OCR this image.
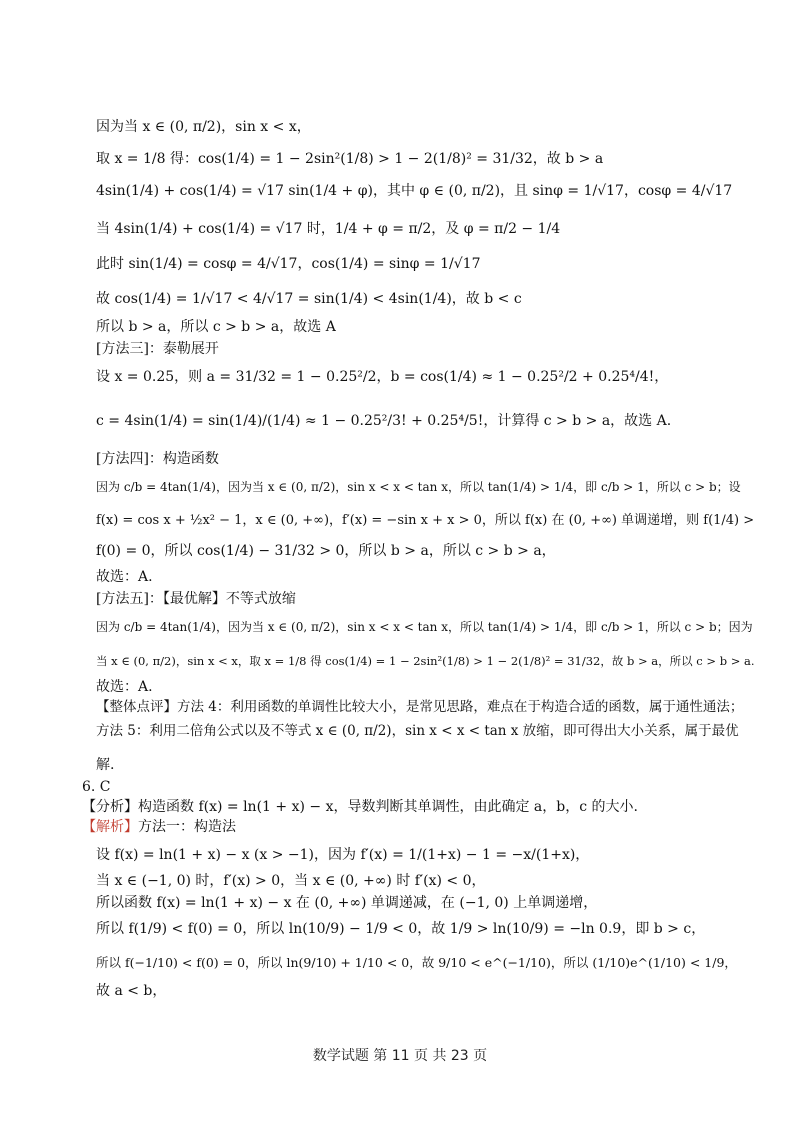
因为当 x ∈ (0, π/2)，sin x < x，
取 x = 1/8 得：cos(1/4) = 1 − 2sin²(1/8) > 1 − 2(1/8)² = 31/32，故 b > a
4sin(1/4) + cos(1/4) = √17 sin(1/4 + φ)，其中 φ ∈ (0, π/2)，且 sinφ = 1/√17，cosφ = 4/√17
当 4sin(1/4) + cos(1/4) = √17 时，1/4 + φ = π/2，及 φ = π/2 − 1/4
此时 sin(1/4) = cosφ = 4/√17，cos(1/4) = sinφ = 1/√17
故 cos(1/4) = 1/√17 < 4/√17 = sin(1/4) < 4sin(1/4)，故 b < c
所以 b > a，所以 c > b > a，故选 A
[方法三]：泰勒展开
设 x = 0.25，则 a = 31/32 = 1 − 0.25²/2，b = cos(1/4) ≈ 1 − 0.25²/2 + 0.25⁴/4!，
c = 4sin(1/4) = sin(1/4)/(1/4) ≈ 1 − 0.25²/3! + 0.25⁴/5!，计算得 c > b > a，故选 A.
[方法四]：构造函数
因为 c/b = 4tan(1/4)，因为当 x ∈ (0, π/2)，sin x < x < tan x，所以 tan(1/4) > 1/4，即 c/b > 1，所以 c > b；设
f(x) = cos x + ½x² − 1，x ∈ (0, +∞)，f′(x) = −sin x + x > 0，所以 f(x) 在 (0, +∞) 单调递增，则 f(1/4) >
f(0) = 0，所以 cos(1/4) − 31/32 > 0，所以 b > a，所以 c > b > a，
故选：A.
[方法五]：【最优解】不等式放缩
因为 c/b = 4tan(1/4)，因为当 x ∈ (0, π/2)，sin x < x < tan x，所以 tan(1/4) > 1/4，即 c/b > 1，所以 c > b；因为
当 x ∈ (0, π/2)，sin x < x，取 x = 1/8 得 cos(1/4) = 1 − 2sin²(1/8) > 1 − 2(1/8)² = 31/32，故 b > a，所以 c > b > a.
故选：A.
【整体点评】方法 4：利用函数的单调性比较大小，是常见思路，难点在于构造合适的函数，属于通性通法；
方法 5：利用二倍角公式以及不等式 x ∈ (0, π/2)，sin x < x < tan x 放缩，即可得出大小关系，属于最优
解.
6. C
【分析】构造函数 f(x) = ln(1 + x) − x，导数判断其单调性，由此确定 a，b，c 的大小.
【解析】方法一：构造法
设 f(x) = ln(1 + x) − x (x > −1)，因为 f′(x) = 1/(1+x) − 1 = −x/(1+x)，
当 x ∈ (−1, 0) 时，f′(x) > 0，当 x ∈ (0, +∞) 时 f′(x) < 0，
所以函数 f(x) = ln(1 + x) − x 在 (0, +∞) 单调递减，在 (−1, 0) 上单调递增，
所以 f(1/9) < f(0) = 0，所以 ln(10/9) − 1/9 < 0，故 1/9 > ln(10/9) = −ln 0.9，即 b > c，
所以 f(−1/10) < f(0) = 0，所以 ln(9/10) + 1/10 < 0，故 9/10 < e^(−1/10)，所以 (1/10)e^(1/10) < 1/9，
故 a < b，
数学试题 第 11 页 共 23 页
